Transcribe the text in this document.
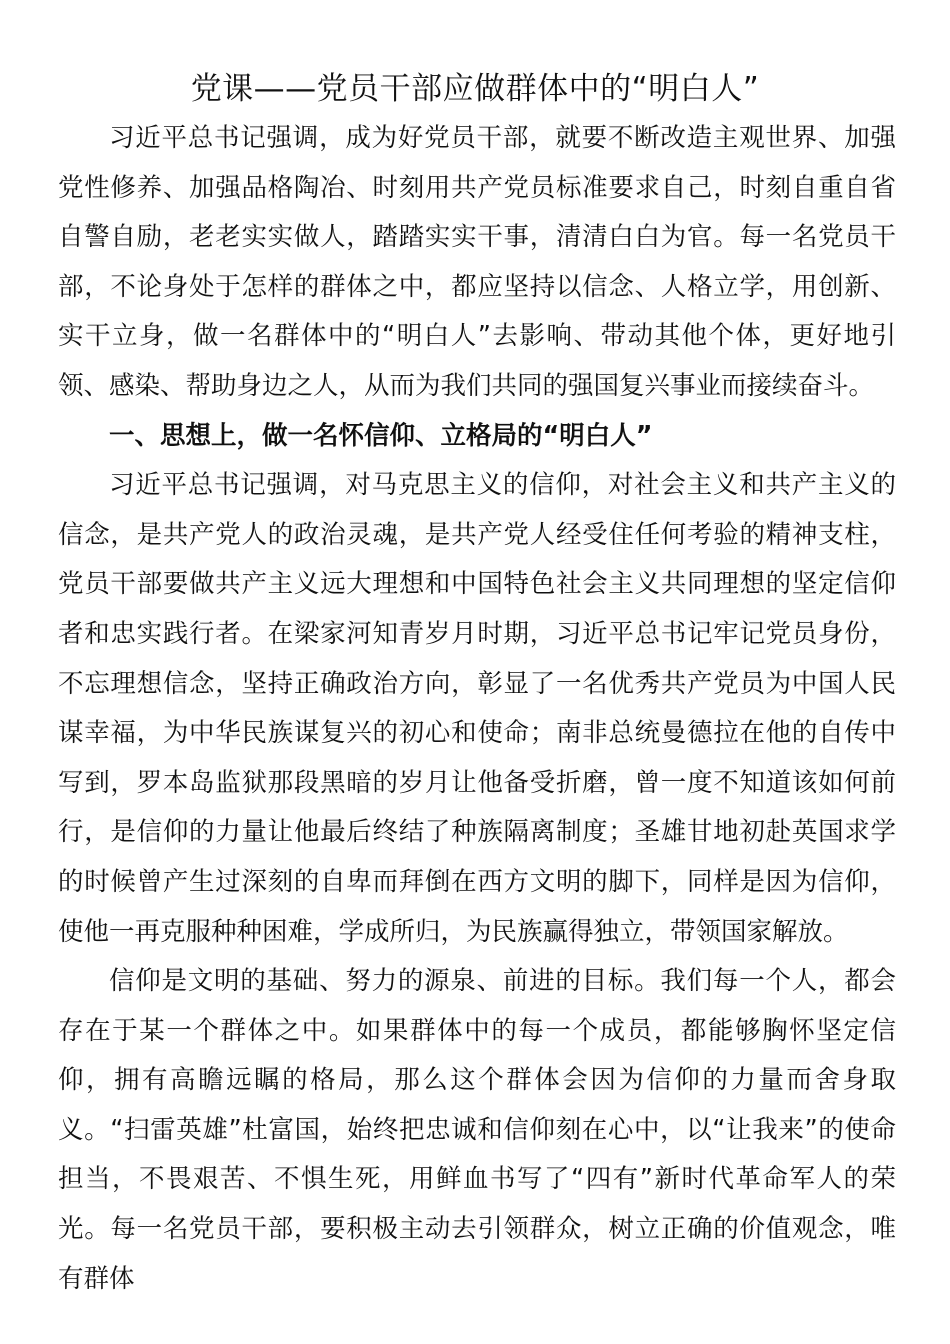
党课——党员干部应做群体中的“明白人”

习近平总书记强调，成为好党员干部，就要不断改造主观世界、加强党性修养、加强品格陶冶、时刻用共产党员标准要求自己，时刻自重自省自警自励，老老实实做人，踏踏实实干事，清清白白为官。每一名党员干部，不论身处于怎样的群体之中，都应坚持以信念、人格立学，用创新、实干立身，做一名群体中的“明白人”去影响、带动其他个体，更好地引领、感染、帮助身边之人，从而为我们共同的强国复兴事业而接续奋斗。

一、思想上，做一名怀信仰、立格局的“明白人”

习近平总书记强调，对马克思主义的信仰，对社会主义和共产主义的信念，是共产党人的政治灵魂，是共产党人经受住任何考验的精神支柱，党员干部要做共产主义远大理想和中国特色社会主义共同理想的坚定信仰者和忠实践行者。在梁家河知青岁月时期，习近平总书记牢记党员身份，不忘理想信念，坚持正确政治方向，彰显了一名优秀共产党员为中国人民谋幸福，为中华民族谋复兴的初心和使命；南非总统曼德拉在他的自传中写到，罗本岛监狱那段黑暗的岁月让他备受折磨，曾一度不知道该如何前行，是信仰的力量让他最后终结了种族隔离制度；圣雄甘地初赴英国求学的时候曾产生过深刻的自卑而拜倒在西方文明的脚下，同样是因为信仰，使他一再克服种种困难，学成所归，为民族赢得独立，带领国家解放。

信仰是文明的基础、努力的源泉、前进的目标。我们每一个人，都会存在于某一个群体之中。如果群体中的每一个成员，都能够胸怀坚定信仰，拥有高瞻远瞩的格局，那么这个群体会因为信仰的力量而舍身取义。“扫雷英雄”杜富国，始终把忠诚和信仰刻在心中，以“让我来”的使命担当，不畏艰苦、不惧生死，用鲜血书写了“四有”新时代革命军人的荣光。每一名党员干部，要积极主动去引领群众，树立正确的价值观念，唯有群体
